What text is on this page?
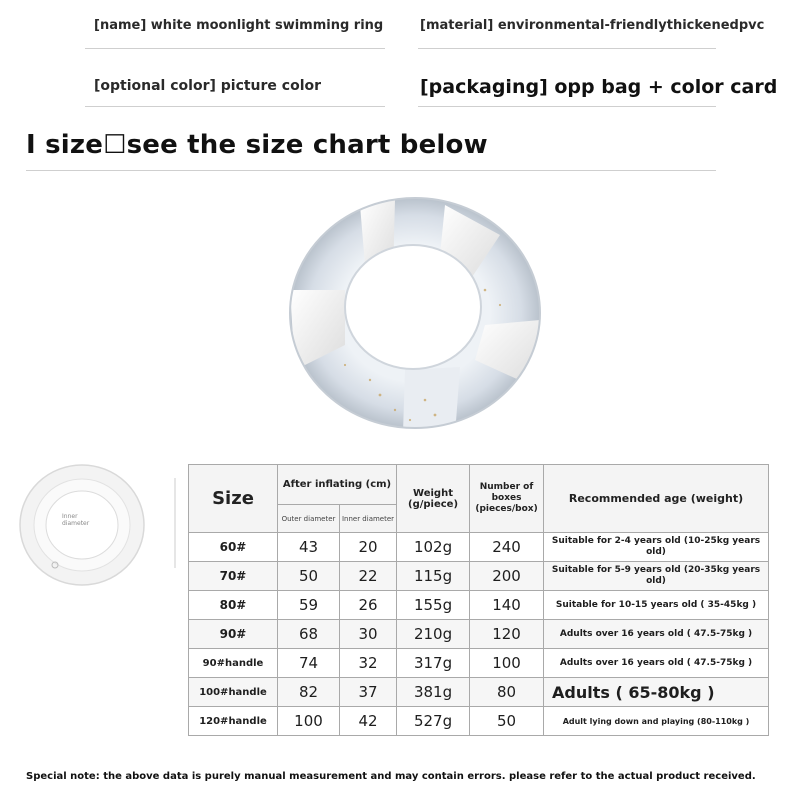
[name] white moonlight swimming ring	[material] environmental-friendlythickenedpvc
[optional color] picture color	[packaging] opp bag + color card
I size☐see the size chart below
Inner
diameter
Size	After inflating (cm)		Weight (g/piece)	Number of boxes (pieces/box)	Recommended age (weight)
	Outer diameter	Inner diameter			
60#	43	20	102g	240	Suitable for 2-4 years old (10-25kg years old)
70#	50	22	115g	200	Suitable for 5-9 years old (20-35kg years old)
80#	59	26	155g	140	Suitable for 10-15 years old ( 35-45kg )
90#	68	30	210g	120	Adults over 16 years old ( 47.5-75kg )
90#handle	74	32	317g	100	Adults over 16 years old ( 47.5-75kg )
100#handle	82	37	381g	80	Adults ( 65-80kg )
120#handle	100	42	527g	50	Adult lying down and playing (80-110kg )
Special note: the above data is purely manual measurement and may contain errors. please refer to the actual product received.
